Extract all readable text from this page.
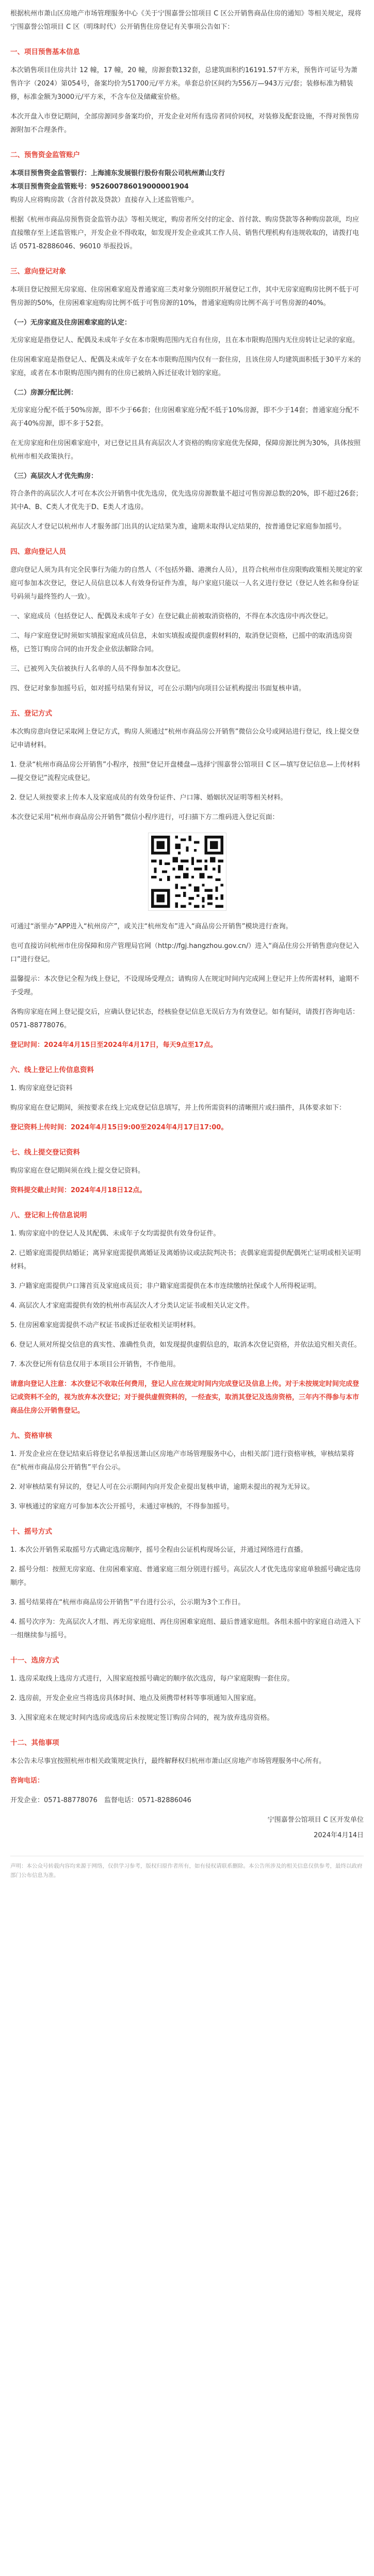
根据杭州市萧山区房地产市场管理服务中心《关于宁围嘉誉公馆项目 C 区公开销售商品住房的通知》等相关规定，现将宁围嘉誉公馆项目 C 区（明珠时代）公开销售住房登记有关事项公告如下：

一、项目预售基本信息

本次销售项目住房共计 12 幢，17 幢，20 幢，房源套数132套，总建筑面积约16191.57平方米，预售许可证号为萧售许字（2024）第054号，备案均价为51700元/平方米。单套总价区间约为556万—943万元/套；装修标准为精装修，标准金额为3000元/平方米，不含车位及储藏室价格。

本次开盘入市登记期间，全部房源同步备案均价，开发企业对所有选房者同价同权，对装修及配套设施，不得对预售房源附加不合理条件。

二、预售资金监管账户

本项目预售资金监管银行：上海浦东发展银行股份有限公司杭州萧山支行

本项目预售资金监管账号：952600786019000001904

购房人应将购房款（含首付款及贷款）直接存入上述监管账户。

根据《杭州市商品房预售资金监管办法》等相关规定，购房者所交付的定金、首付款、购房贷款等各种购房款项，均应直接缴存至上述监管账户，开发企业不得收取，如发现开发企业或其工作人员、销售代理机构有违规收取的，请拨打电话 0571-82886046、96010 举报投诉。

三、意向登记对象

本项目登记按照无房家庭、住房困难家庭及普通家庭三类对象分别组织开展登记工作，其中无房家庭购房比例不低于可售房源的50%，住房困难家庭购房比例不低于可售房源的10%，普通家庭购房比例不高于可售房源的40%。

（一）无房家庭及住房困难家庭的认定：

无房家庭是指登记人、配偶及未成年子女在本市限购范围内无自有住房，且在本市限购范围内无住房转让记录的家庭。

住房困难家庭是指登记人、配偶及未成年子女在本市限购范围内仅有一套住房，且该住房人均建筑面积低于30平方米的家庭，或者在本市限购范围内拥有的住房已被纳入拆迁征收计划的家庭。

（二）房源分配比例：

无房家庭分配不低于50%房源，即不少于66套；住房困难家庭分配不低于10%房源，即不少于14套；普通家庭分配不高于40%房源，即不多于52套。

在无房家庭和住房困难家庭中，对已登记且具有高层次人才资格的购房家庭优先保障，保障房源比例为30%，具体按照杭州市相关政策执行。

（三）高层次人才优先购房：

符合条件的高层次人才可在本次公开销售中优先选房，优先选房房源数量不超过可售房源总数的20%，即不超过26套；其中A、B、C类人才优先于D、E类人才选房。

高层次人才登记以杭州市人才服务部门出具的认定结果为准，逾期未取得认定结果的，按普通登记家庭参加摇号。

四、意向登记人员

意向登记人须为具有完全民事行为能力的自然人（不包括外籍、港澳台人员），且符合杭州市住房限购政策相关规定的家庭可参加本次登记，登记人员信息以本人有效身份证件为准，每户家庭只能以一人名义进行登记（登记人姓名和身份证号码须与最终签约人一致）。

一、家庭成员（包括登记人、配偶及未成年子女）在登记截止前被取消资格的，不得在本次选房中再次登记。

二、每户家庭登记时须如实填报家庭成员信息，未如实填报或提供虚假材料的，取消登记资格，已摇中的取消选房资格，已签订购房合同的由开发企业依法解除合同。

三、已被列入失信被执行人名单的人员不得参加本次登记。

四、登记对象参加摇号后，如对摇号结果有异议，可在公示期内向项目公证机构提出书面复核申请。

五、登记方式

本次购房意向登记采取网上登记方式，购房人须通过“杭州市商品房公开销售”微信公众号或网站进行登记，线上提交登记申请材料。

1. 登录“杭州市商品房公开销售”小程序，按照“登记开盘楼盘—选择宁围嘉誉公馆项目 C 区—填写登记信息—上传材料—提交登记”流程完成登记。

2. 登记人须按要求上传本人及家庭成员的有效身份证件、户口簿、婚姻状况证明等相关材料。

本次登记采用“杭州市商品房公开销售”微信小程序进行，可扫描下方二维码进入登记页面：

可通过“浙里办”APP进入“杭州房产”，或关注“杭州发布”进入“商品房公开销售”模块进行查询。

也可直接访问杭州市住房保障和房产管理局官网（http://fgj.hangzhou.gov.cn/）进入“商品住房公开销售意向登记入口”进行登记。

温馨提示：本次登记全程为线上登记，不设现场受理点；请购房人在规定时间内完成网上登记并上传所需材料，逾期不予受理。

各购房家庭在网上登记提交后，应确认登记状态，经核验登记信息无误后方为有效登记。如有疑问，请拨打咨询电话：0571-88778076。

登记时间：2024年4月15日至2024年4月17日，每天9点至17点。

六、线上登记上传信息资料

1. 购房家庭登记资料

购房家庭在登记期间，须按要求在线上完成登记信息填写，并上传所需资料的清晰照片或扫描件，具体要求如下：

登记资料上传时间：2024年4月15日9:00至2024年4月17日17:00。

七、线上提交登记资料

购房家庭在登记期间须在线上提交登记资料。

资料提交截止时间：2024年4月18日12点。

八、登记和上传信息说明

1. 购房家庭中的登记人及其配偶、未成年子女均需提供有效身份证件。

2. 已婚家庭需提供结婚证；离异家庭需提供离婚证及离婚协议或法院判决书；丧偶家庭需提供配偶死亡证明或相关证明材料。

3. 户籍家庭需提供户口簿首页及家庭成员页；非户籍家庭需提供在本市连续缴纳社保或个人所得税证明。

4. 高层次人才家庭需提供有效的杭州市高层次人才分类认定证书或相关认定文件。

5. 住房困难家庭需提供不动产权证书或拆迁征收相关证明材料。

6. 登记人须对所提交信息的真实性、准确性负责，如发现提供虚假信息的，取消本次登记资格，并依法追究相关责任。

7. 本次登记所有信息仅用于本项目公开销售，不作他用。

请意向登记人注意：本次登记不收取任何费用，登记人应在规定时间内完成登记及信息上传。对于未按规定时间完成登记或资料不全的，视为放弃本次登记；对于提供虚假资料的，一经查实，取消其登记及选房资格，三年内不得参与本市商品住房公开销售登记。

九、资格审核

1. 开发企业应在登记结束后将登记名单报送萧山区房地产市场管理服务中心，由相关部门进行资格审核，审核结果将在“杭州市商品房公开销售”平台公示。

2. 对审核结果有异议的，登记人可在公示期间内向开发企业提出复核申请，逾期未提出的视为无异议。

3. 审核通过的家庭方可参加本次公开摇号，未通过审核的，不得参加摇号。

十、摇号方式

1. 本次公开销售采取摇号方式确定选房顺序，摇号全程由公证机构现场公证，并通过网络进行直播。

2. 摇号分组：按照无房家庭、住房困难家庭、普通家庭三组分别进行摇号。高层次人才优先选房家庭单独摇号确定选房顺序。

3. 摇号结果将在“杭州市商品房公开销售”平台进行公示，公示期为3个工作日。

4. 摇号次序为：先高层次人才组、再无房家庭组、再住房困难家庭组、最后普通家庭组。各组未摇中的家庭自动进入下一组继续参与摇号。

十一、选房方式

1. 选房采取线上选房方式进行，入围家庭按摇号确定的顺序依次选房，每户家庭限购一套住房。

2. 选房前，开发企业应当将选房具体时间、地点及须携带材料等事项通知入围家庭。

3. 入围家庭未在规定时间内选房或选房后未按规定签订购房合同的，视为放弃选房资格。

十二、其他事项

本公告未尽事宜按照杭州市相关政策规定执行，最终解释权归杭州市萧山区房地产市场管理服务中心所有。

咨询电话：

开发企业：0571-88778076　监督电话：0571-82886046

宁围嘉誉公馆项目 C 区开发单位

2024年4月14日

声明：本公众号转载内容均来源于网络，仅供学习参考，版权归原作者所有，如有侵权请联系删除。本公告所涉及的相关信息仅供参考，最终以政府部门公布信息为准。
